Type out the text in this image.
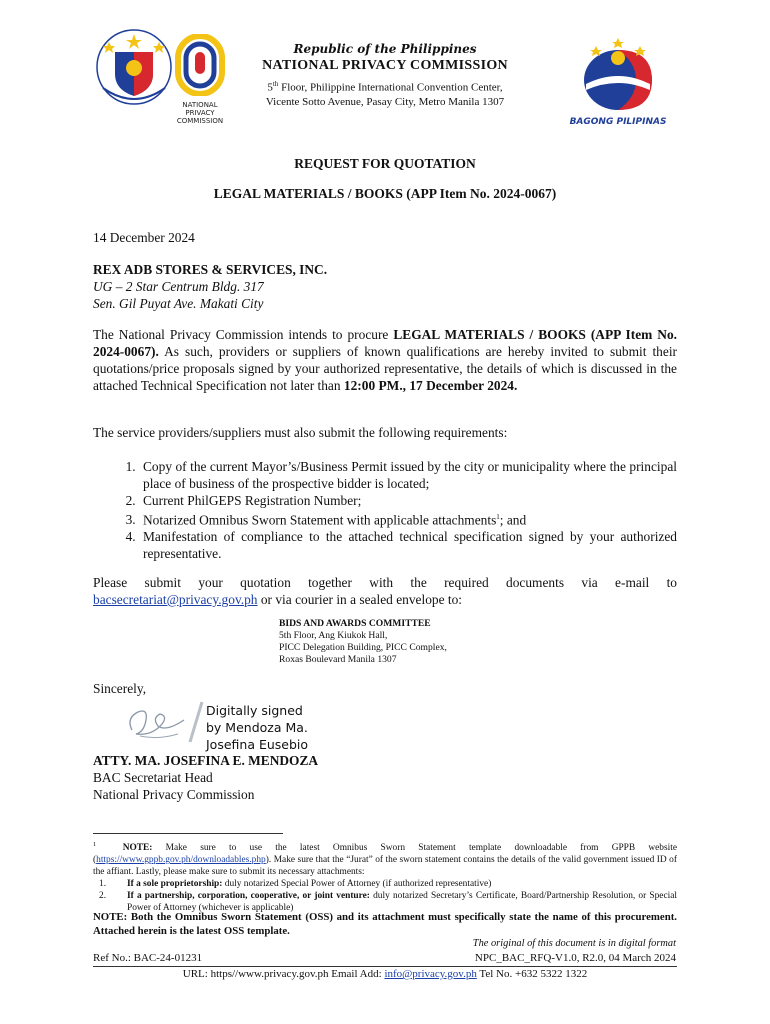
NATIONAL
PRIVACY
COMMISSION	BAGONG PILIPINAS
Republic of the Philippines
NATIONAL PRIVACY COMMISSION
5th Floor, Philippine International Convention Center,
Vicente Sotto Avenue, Pasay City, Metro Manila 1307
REQUEST FOR QUOTATION
LEGAL MATERIALS / BOOKS (APP Item No. 2024-0067)
14 December 2024
REX ADB STORES & SERVICES, INC.
UG – 2 Star Centrum Bldg. 317
Sen. Gil Puyat Ave. Makati City
The National Privacy Commission intends to procure LEGAL MATERIALS / BOOKS (APP Item No. 2024-0067). As such, providers or suppliers of known qualifications are hereby invited to submit their quotations/price proposals signed by your authorized representative, the details of which is discussed in the attached Technical Specification not later than 12:00 PM., 17 December 2024.
The service providers/suppliers must also submit the following requirements:
1. Copy of the current Mayor’s/Business Permit issued by the city or municipality where the principal place of business of the prospective bidder is located;
2. Current PhilGEPS Registration Number;
3. Notarized Omnibus Sworn Statement with applicable attachments$^1$; and
4. Manifestation of compliance to the attached technical specification signed by your authorized representative.
Please submit your quotation together with the required documents via e-mail to bacsecretariat@privacy.gov.ph or via courier in a sealed envelope to:
BIDS AND AWARDS COMMITTEE
5th Floor, Ang Kiukok Hall,
PICC Delegation Building, PICC Complex,
Roxas Boulevard Manila 1307
Sincerely,
Digitally signed
by Mendoza Ma.
Josefina Eusebio
ATTY. MA. JOSEFINA E. MENDOZA
BAC Secretariat Head
National Privacy Commission
$^1$	NOTE: Make sure to use the latest Omnibus Sworn Statement template downloadable from GPPB website (https://www.gppb.gov.ph/downloadables.php). Make sure that the “Jurat” of the sworn statement contains the details of the valid government issued ID of the affiant. Lastly, please make sure to submit its necessary attachments:
1. If a sole proprietorship: duly notarized Special Power of Attorney (if authorized representative)
2. If a partnership, corporation, cooperative, or joint venture: duly notarized Secretary’s Certificate, Board/Partnership Resolution, or Special Power of Attorney (whichever is applicable)
NOTE: Both the Omnibus Sworn Statement (OSS) and its attachment must specifically state the name of this procurement. Attached herein is the latest OSS template.
The original of this document is in digital format
Ref No.: BAC-24-01231	NPC_BAC_RFQ-V1.0, R2.0, 04 March 2024
URL: https//www.privacy.gov.ph Email Add: info@privacy.gov.ph Tel No. +632 5322 1322
